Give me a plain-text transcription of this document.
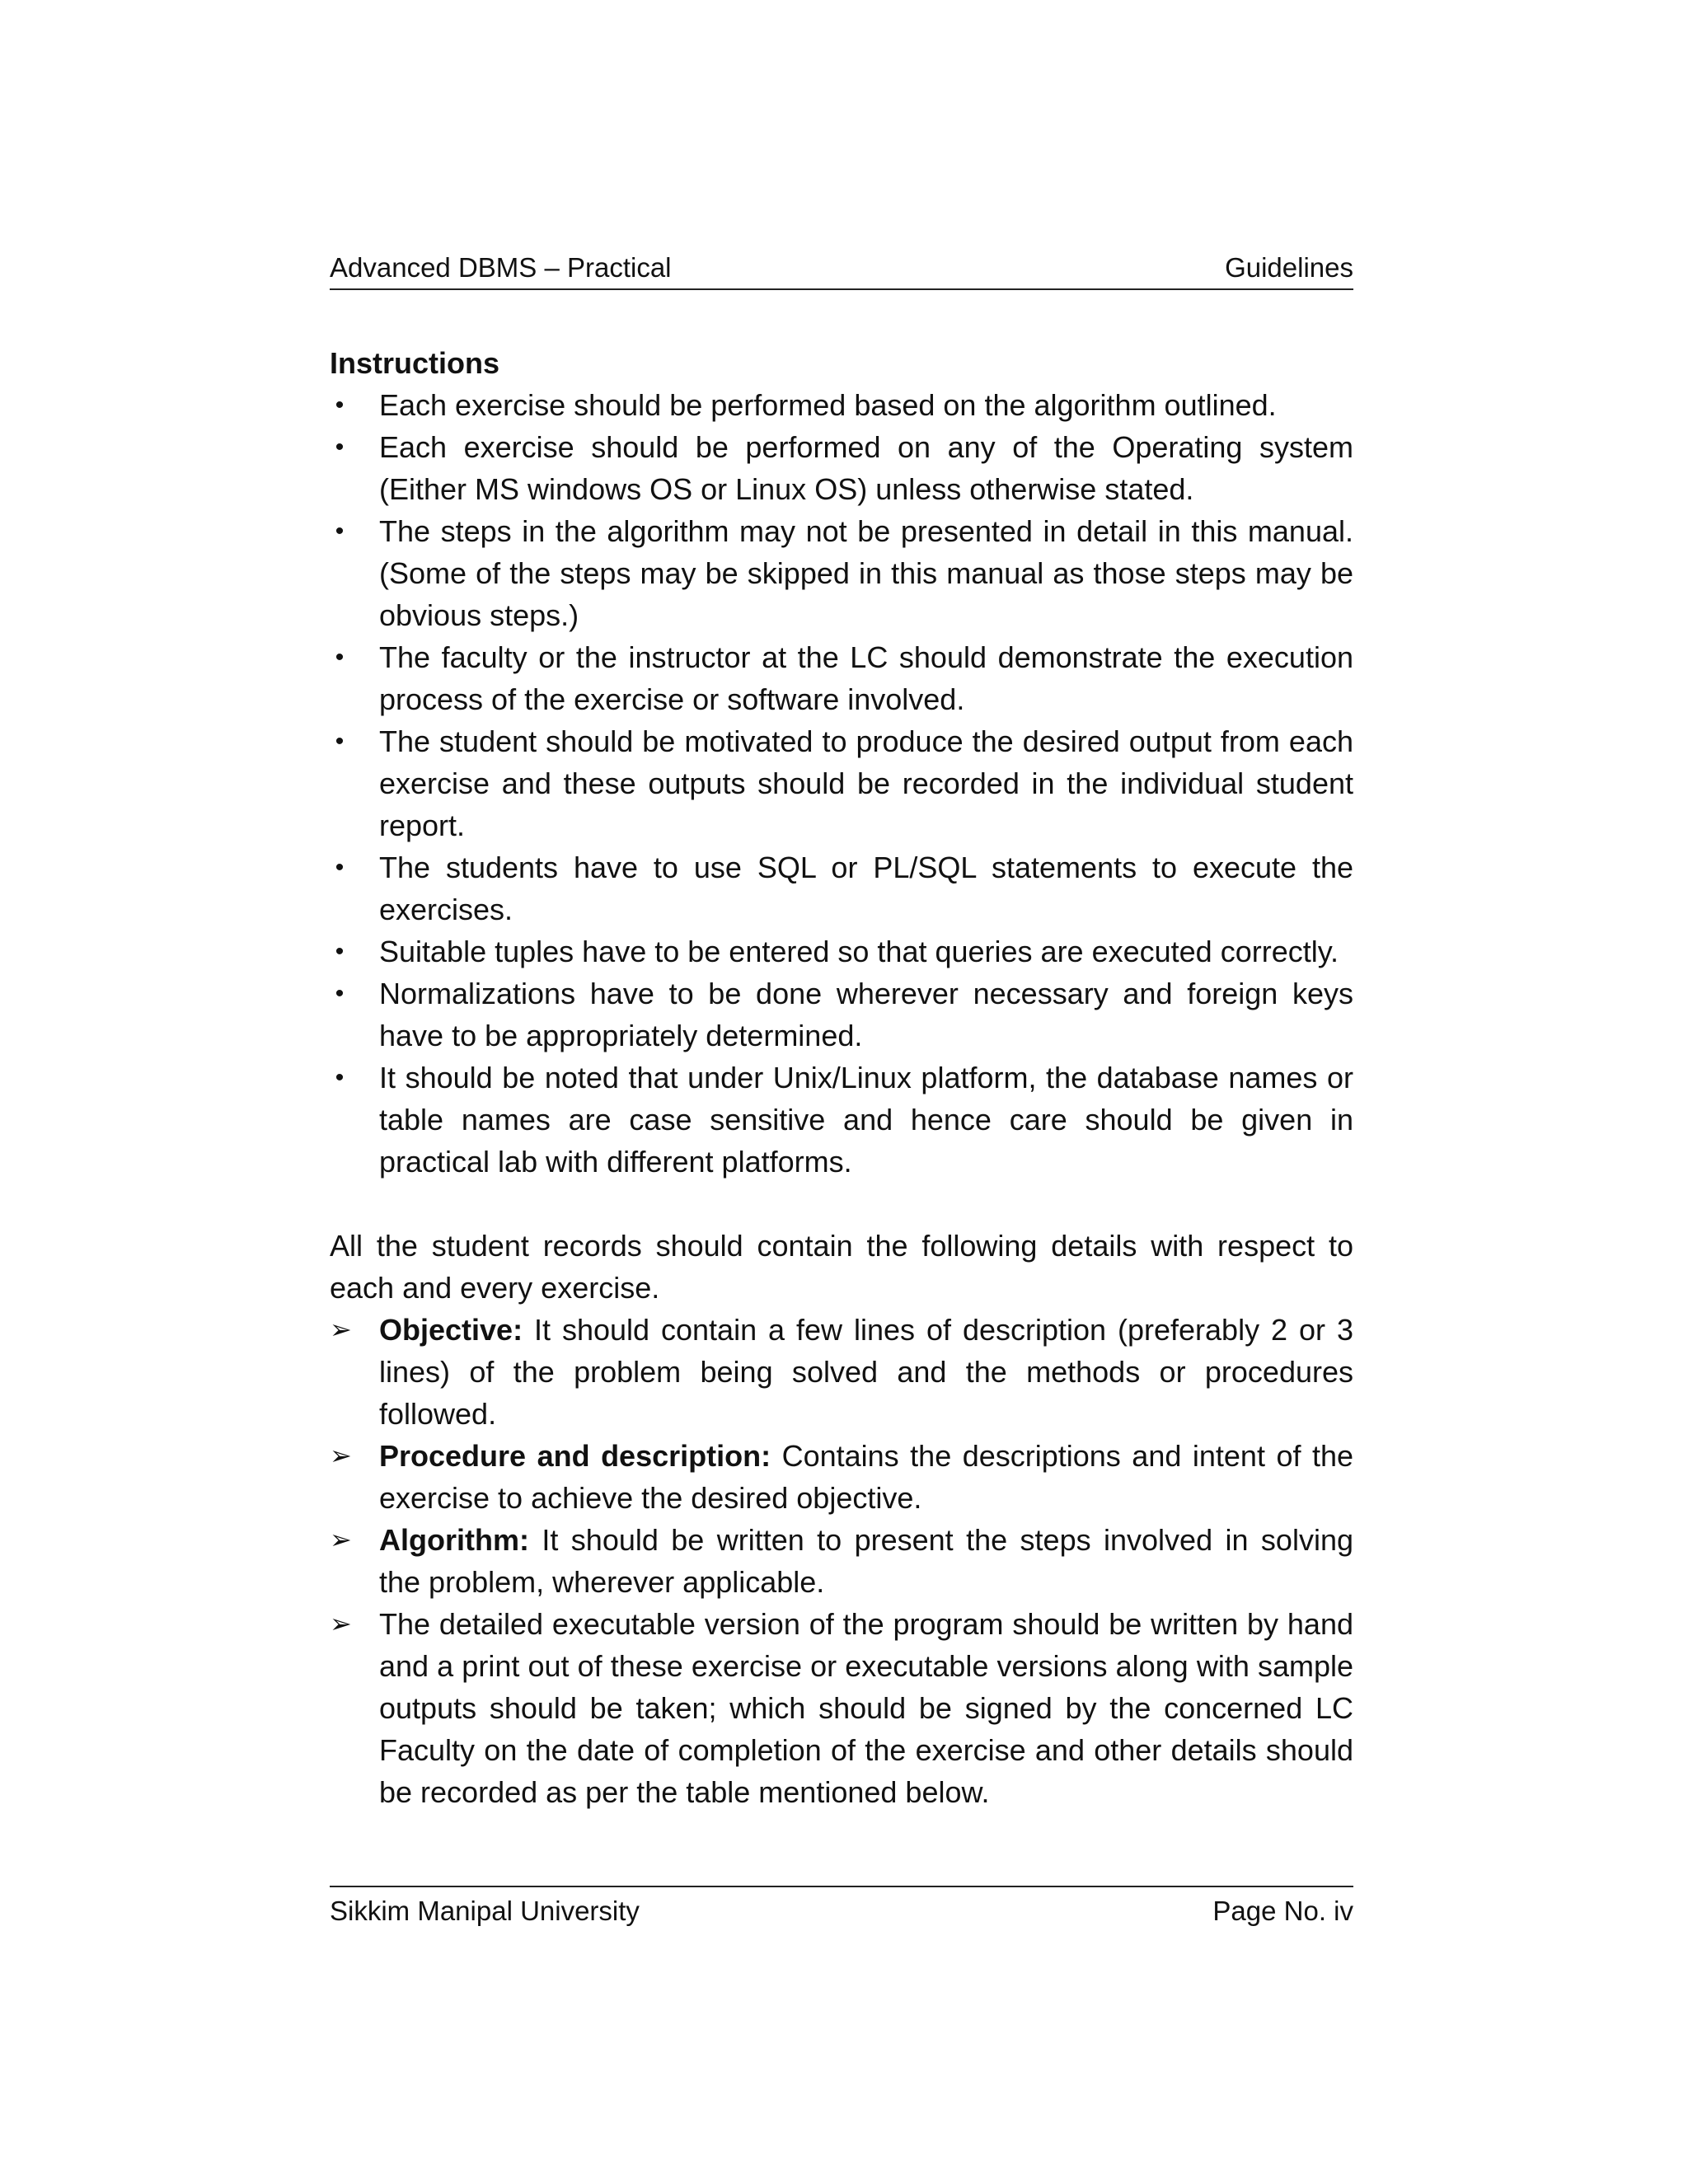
Advanced DBMS – Practical	Guidelines

Instructions

• Each exercise should be performed based on the algorithm outlined.
• Each exercise should be performed on any of the Operating system (Either MS windows OS or Linux OS) unless otherwise stated.
• The steps in the algorithm may not be presented in detail in this manual. (Some of the steps may be skipped in this manual as those steps may be obvious steps.)
• The faculty or the instructor at the LC should demonstrate the execution process of the exercise or software involved.
• The student should be motivated to produce the desired output from each exercise and these outputs should be recorded in the individual student report.
• The students have to use SQL or PL/SQL statements to execute the exercises.
• Suitable tuples have to be entered so that queries are executed correctly.
• Normalizations have to be done wherever necessary and foreign keys have to be appropriately determined.
• It should be noted that under Unix/Linux platform, the database names or table names are case sensitive and hence care should be given in practical lab with different platforms.

All the student records should contain the following details with respect to each and every exercise.

➢ Objective: It should contain a few lines of description (preferably 2 or 3 lines) of the problem being solved and the methods or procedures followed.
➢ Procedure and description: Contains the descriptions and intent of the exercise to achieve the desired objective.
➢ Algorithm: It should be written to present the steps involved in solving the problem, wherever applicable.
➢ The detailed executable version of the program should be written by hand and a print out of these exercise or executable versions along with sample outputs should be taken; which should be signed by the concerned LC Faculty on the date of completion of the exercise and other details should be recorded as per the table mentioned below.
Sikkim Manipal University	Page No. iv
